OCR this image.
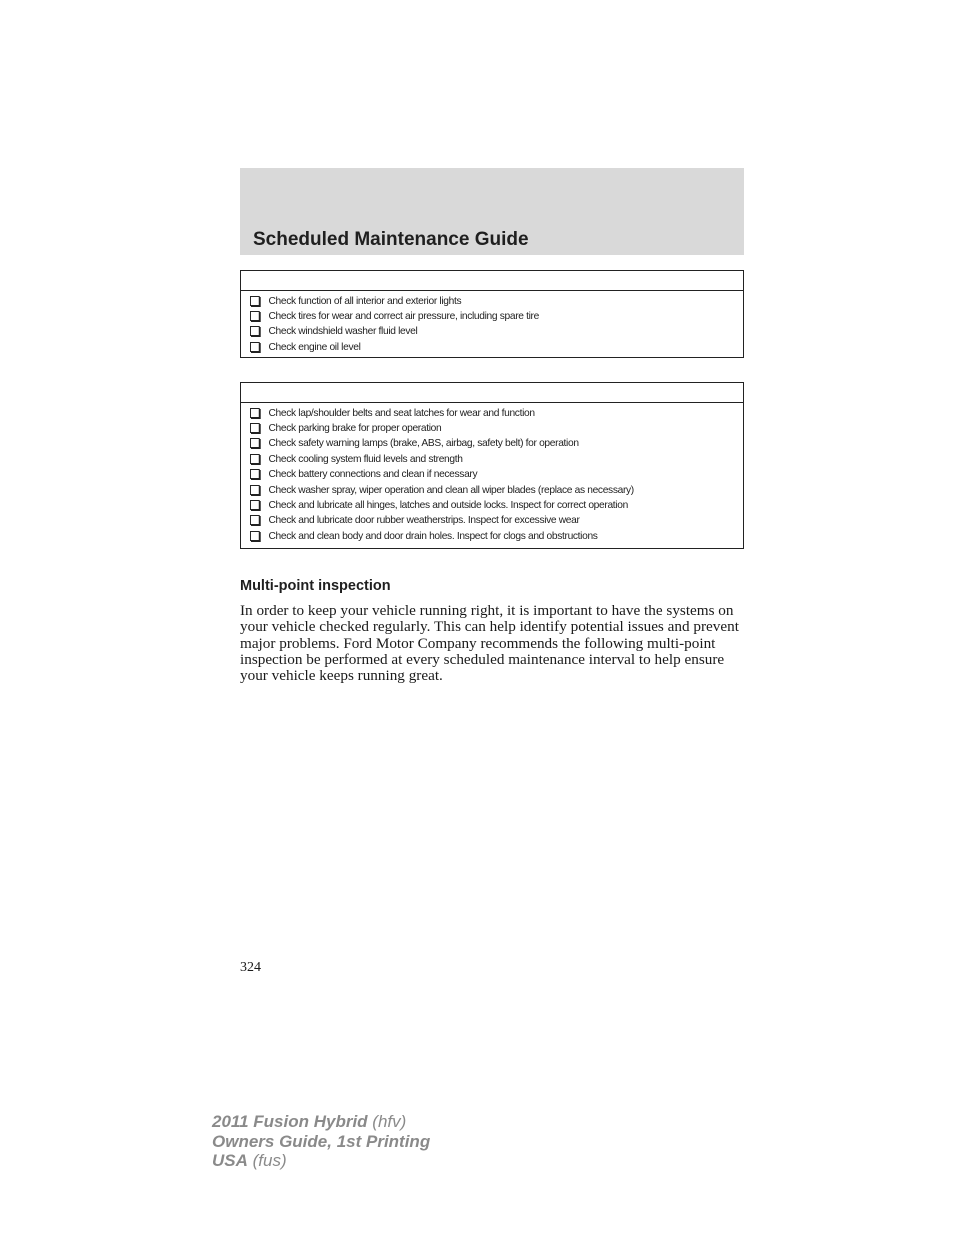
Scheduled Maintenance Guide
Check function of all interior and exterior lights
Check tires for wear and correct air pressure, including spare tire
Check windshield washer fluid level
Check engine oil level
Check lap/shoulder belts and seat latches for wear and function
Check parking brake for proper operation
Check safety warning lamps (brake, ABS, airbag, safety belt) for operation
Check cooling system fluid levels and strength
Check battery connections and clean if necessary
Check washer spray, wiper operation and clean all wiper blades (replace as necessary)
Check and lubricate all hinges, latches and outside locks. Inspect for correct operation
Check and lubricate door rubber weatherstrips. Inspect for excessive wear
Check and clean body and door drain holes. Inspect for clogs and obstructions
Multi-point inspection

In order to keep your vehicle running right, it is important to have the systems on your vehicle checked regularly. This can help identify potential issues and prevent major problems. Ford Motor Company recommends the following multi-point inspection be performed at every scheduled maintenance interval to help ensure your vehicle keeps running great.

324
2011 Fusion Hybrid (hfv)
Owners Guide, 1st Printing
USA (fus)
